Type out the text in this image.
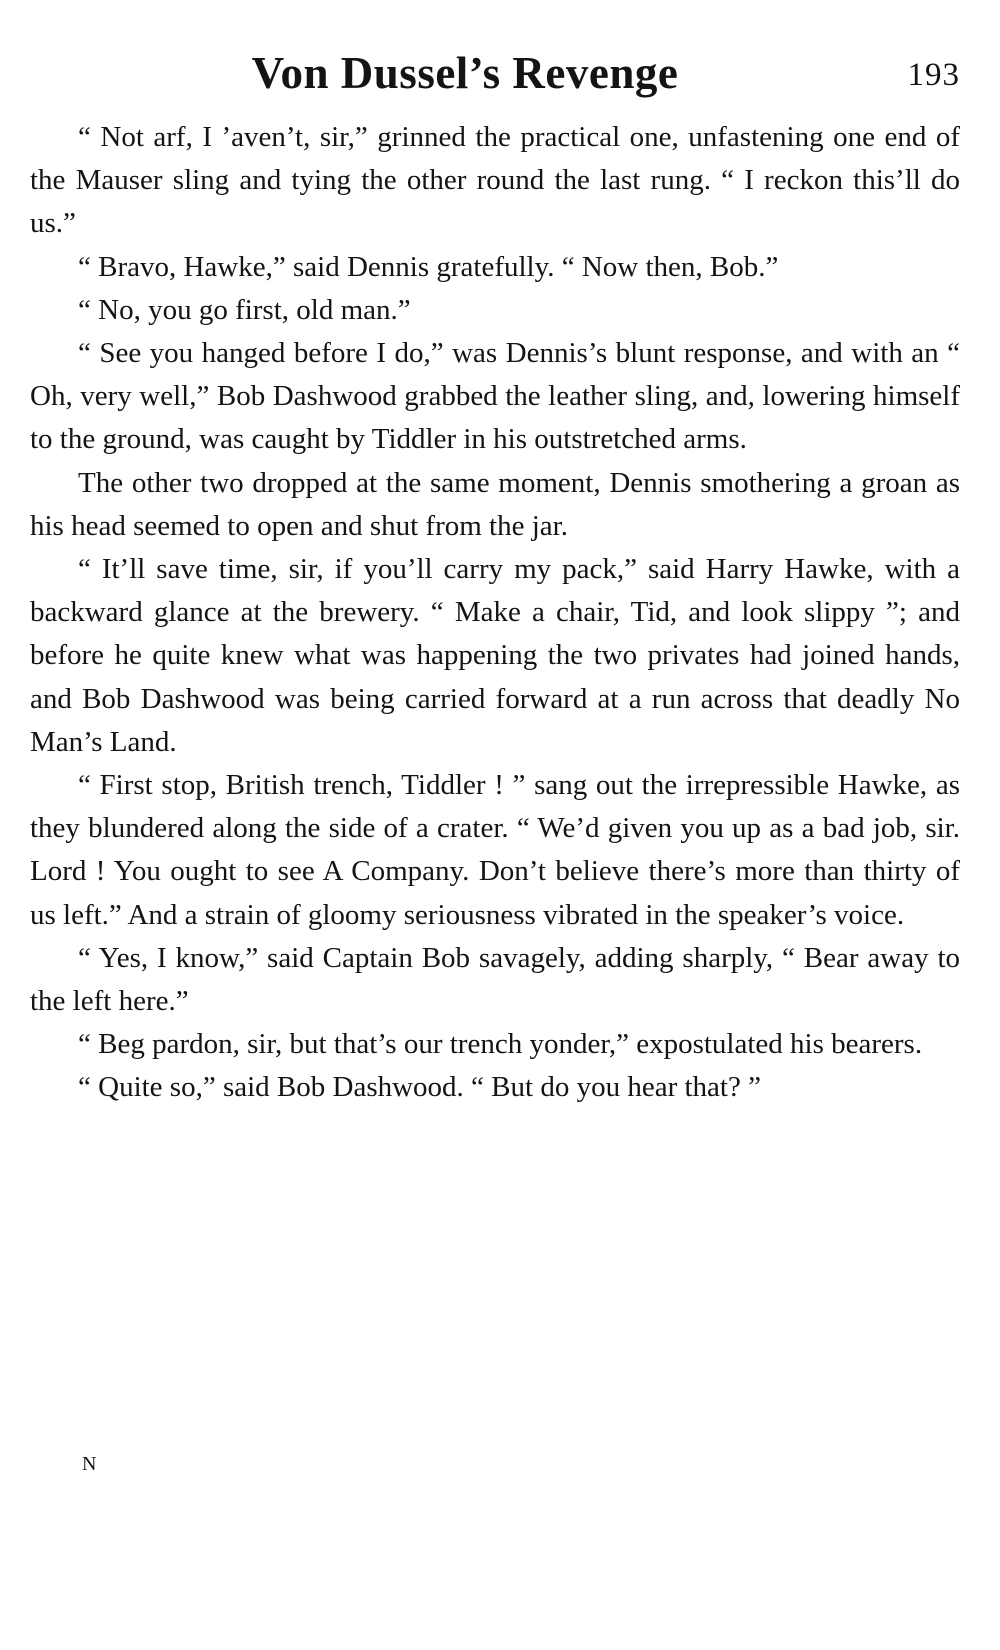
Von Dussel’s Revenge	193

“ Not arf, I ’aven’t, sir,” grinned the practical one, unfastening one end of the Mauser sling and tying the other round the last rung. “ I reckon this’ll do us.”

“ Bravo, Hawke,” said Dennis gratefully. “ Now then, Bob.”

“ No, you go first, old man.”

“ See you hanged before I do,” was Dennis’s blunt response, and with an “ Oh, very well,” Bob Dashwood grabbed the leather sling, and, lowering himself to the ground, was caught by Tiddler in his outstretched arms.

The other two dropped at the same moment, Dennis smothering a groan as his head seemed to open and shut from the jar.

“ It’ll save time, sir, if you’ll carry my pack,” said Harry Hawke, with a backward glance at the brewery. “ Make a chair, Tid, and look slippy ”; and before he quite knew what was happening the two privates had joined hands, and Bob Dashwood was being carried forward at a run across that deadly No Man’s Land.

“ First stop, British trench, Tiddler ! ” sang out the irrepressible Hawke, as they blundered along the side of a crater. “ We’d given you up as a bad job, sir. Lord ! You ought to see A Company. Don’t believe there’s more than thirty of us left.” And a strain of gloomy seriousness vibrated in the speaker’s voice.

“ Yes, I know,” said Captain Bob savagely, adding sharply, “ Bear away to the left here.”

“ Beg pardon, sir, but that’s our trench yonder,” expostulated his bearers.

“ Quite so,” said Bob Dashwood. “ But do you hear that? ”

N
